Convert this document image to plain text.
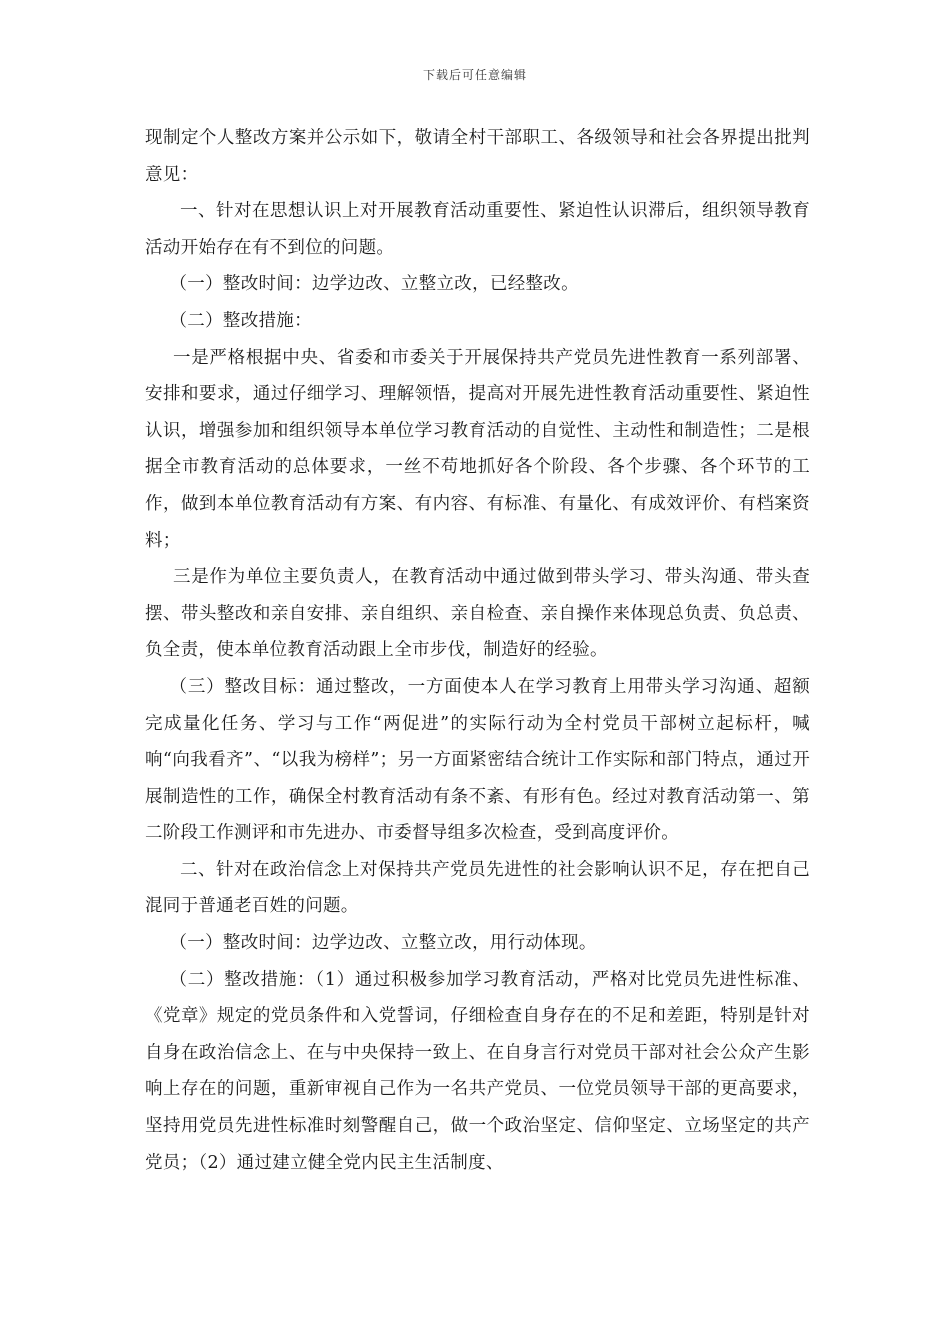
下载后可任意编辑

现制定个人整改方案并公示如下，敬请全村干部职工、各级领导和社会各界提出批判意见：

一、针对在思想认识上对开展教育活动重要性、紧迫性认识滞后，组织领导教育活动开始存在有不到位的问题。

（一）整改时间：边学边改、立整立改，已经整改。

（二）整改措施：

一是严格根据中央、省委和市委关于开展保持共产党员先进性教育一系列部署、安排和要求，通过仔细学习、理解领悟，提高对开展先进性教育活动重要性、紧迫性认识，增强参加和组织领导本单位学习教育活动的自觉性、主动性和制造性；二是根据全市教育活动的总体要求，一丝不苟地抓好各个阶段、各个步骤、各个环节的工作，做到本单位教育活动有方案、有内容、有标准、有量化、有成效评价、有档案资料；

三是作为单位主要负责人，在教育活动中通过做到带头学习、带头沟通、带头查摆、带头整改和亲自安排、亲自组织、亲自检查、亲自操作来体现总负责、负总责、负全责，使本单位教育活动跟上全市步伐，制造好的经验。

（三）整改目标：通过整改，一方面使本人在学习教育上用带头学习沟通、超额完成量化任务、学习与工作“两促进”的实际行动为全村党员干部树立起标杆，喊响“向我看齐”、“以我为榜样”；另一方面紧密结合统计工作实际和部门特点，通过开展制造性的工作，确保全村教育活动有条不紊、有形有色。经过对教育活动第一、第二阶段工作测评和市先进办、市委督导组多次检查，受到高度评价。

二、针对在政治信念上对保持共产党员先进性的社会影响认识不足，存在把自己混同于普通老百姓的问题。

（一）整改时间：边学边改、立整立改，用行动体现。

（二）整改措施：（1）通过积极参加学习教育活动，严格对比党员先进性标准、《党章》规定的党员条件和入党誓词，仔细检查自身存在的不足和差距，特别是针对自身在政治信念上、在与中央保持一致上、在自身言行对党员干部对社会公众产生影响上存在的问题，重新审视自己作为一名共产党员、一位党员领导干部的更高要求，坚持用党员先进性标准时刻警醒自己，做一个政治坚定、信仰坚定、立场坚定的共产党员；（2）通过建立健全党内民主生活制度、
